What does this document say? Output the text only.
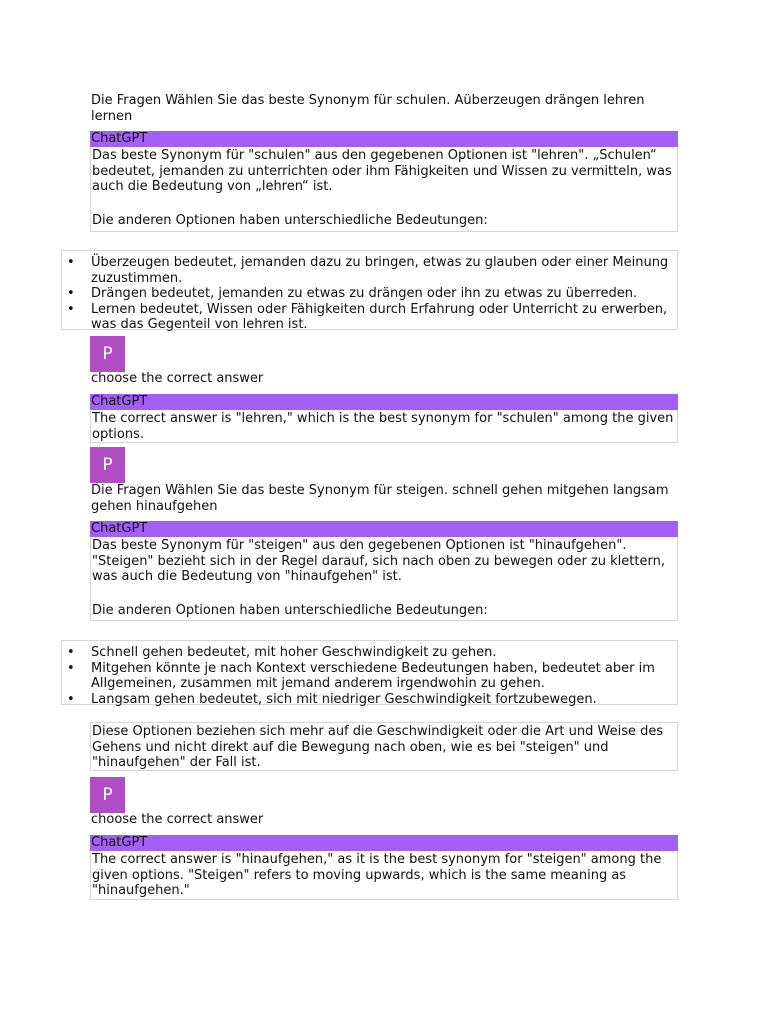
Die Fragen Wählen Sie das beste Synonym für schulen. Aüberzeugen drängen lehren lernen

ChatGPT

Das beste Synonym für "schulen" aus den gegebenen Optionen ist "lehren". „Schulen“ bedeutet, jemanden zu unterrichten oder ihm Fähigkeiten und Wissen zu vermitteln, was auch die Bedeutung von „lehren“ ist.

Die anderen Optionen haben unterschiedliche Bedeutungen:

• Überzeugen bedeutet, jemanden dazu zu bringen, etwas zu glauben oder einer Meinung zuzustimmen.
• Drängen bedeutet, jemanden zu etwas zu drängen oder ihn zu etwas zu überreden.
• Lernen bedeutet, Wissen oder Fähigkeiten durch Erfahrung oder Unterricht zu erwerben, was das Gegenteil von lehren ist.
P

choose the correct answer

ChatGPT

The correct answer is "lehren," which is the best synonym for "schulen" among the given options.

P

Die Fragen Wählen Sie das beste Synonym für steigen. schnell gehen mitgehen langsam gehen hinaufgehen

ChatGPT

Das beste Synonym für "steigen" aus den gegebenen Optionen ist "hinaufgehen". "Steigen" bezieht sich in der Regel darauf, sich nach oben zu bewegen oder zu klettern, was auch die Bedeutung von "hinaufgehen" ist.

Die anderen Optionen haben unterschiedliche Bedeutungen:

• Schnell gehen bedeutet, mit hoher Geschwindigkeit zu gehen.
• Mitgehen könnte je nach Kontext verschiedene Bedeutungen haben, bedeutet aber im Allgemeinen, zusammen mit jemand anderem irgendwohin zu gehen.
• Langsam gehen bedeutet, sich mit niedriger Geschwindigkeit fortzubewegen.

Diese Optionen beziehen sich mehr auf die Geschwindigkeit oder die Art und Weise des Gehens und nicht direkt auf die Bewegung nach oben, wie es bei "steigen" und "hinaufgehen" der Fall ist.

P

choose the correct answer

ChatGPT

The correct answer is "hinaufgehen," as it is the best synonym for "steigen" among the given options. "Steigen" refers to moving upwards, which is the same meaning as "hinaufgehen."
